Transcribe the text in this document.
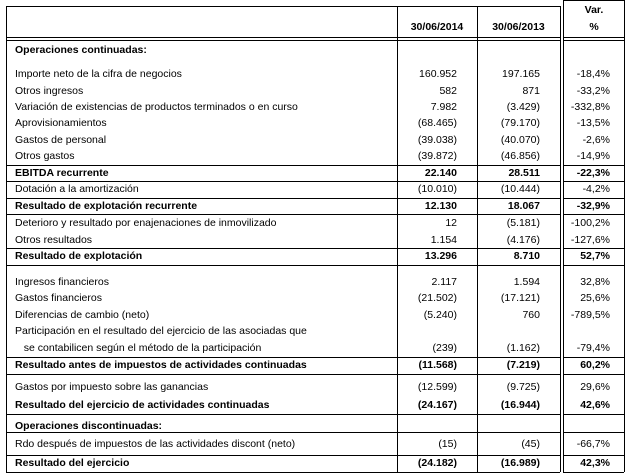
30/06/2014	30/06/2013
Var.
%
Operaciones continuadas:
Importe neto de la cifra de negocios	160.952	197.165	-18,4%
Otros ingresos	582	871	-33,2%
Variación de existencias de productos terminados o en curso	7.982	(3.429)	-332,8%
Aprovisionamientos	(68.465)	(79.170)	-13,5%
Gastos de personal	(39.038)	(40.070)	-2,6%
Otros gastos	(39.872)	(46.856)	-14,9%
EBITDA recurrente	22.140	28.511	-22,3%
Dotación a la amortización	(10.010)	(10.444)	-4,2%
Resultado de explotación recurrente	12.130	18.067	-32,9%
Deterioro y resultado por enajenaciones de inmovilizado	12	(5.181)	-100,2%
Otros resultados	1.154	(4.176)	-127,6%
Resultado de explotación	13.296	8.710	52,7%
Ingresos financieros	2.117	1.594	32,8%
Gastos financieros	(21.502)	(17.121)	25,6%
Diferencias de cambio (neto)	(5.240)	760	-789,5%
Participación en el resultado del ejercicio de las asociadas que
se contabilicen según el método de la participación	(239)	(1.162)	-79,4%
Resultado antes de impuestos de actividades continuadas	(11.568)	(7.219)	60,2%
Gastos por impuesto sobre las ganancias	(12.599)	(9.725)	29,6%
Resultado del ejercicio de actividades continuadas	(24.167)	(16.944)	42,6%
Operaciones discontinuadas:
Rdo después de impuestos de las actividades discont (neto)	(15)	(45)	-66,7%
Resultado del ejercicio	(24.182)	(16.989)	42,3%
